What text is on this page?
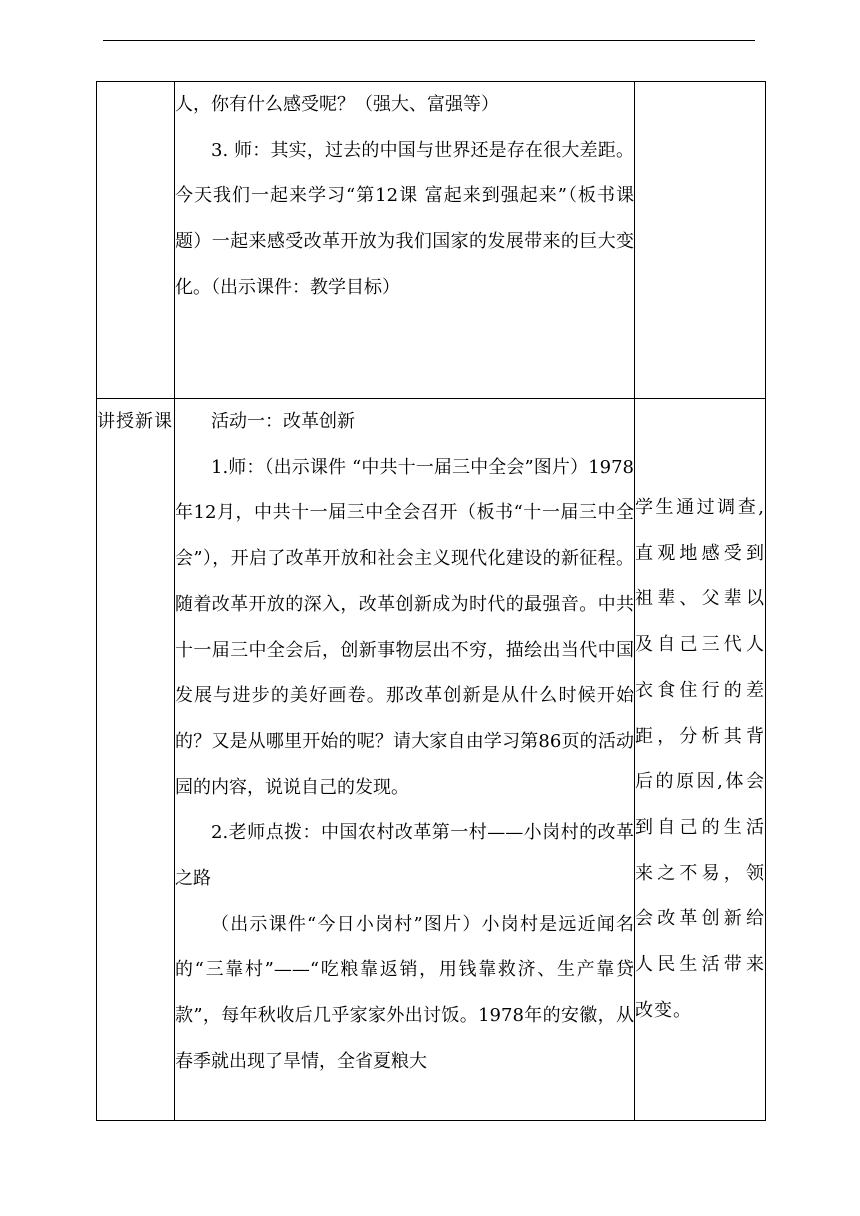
	人，你有什么感受呢？（强大、富强等）

3. 师：其实，过去的中国与世界还是存在很大差距。今天我们一起来学习“第12课 富起来到强起来”（板书课题）一起来感受改革开放为我们国家的发展带来的巨大变化。（出示课件：教学目标）	

讲授新课	活动一：改革创新

1.师：（出示课件 “中共十一届三中全会”图片）1978年12月，中共十一届三中全会召开（板书“十一届三中全会”），开启了改革开放和社会主义现代化建设的新征程。随着改革开放的深入，改革创新成为时代的最强音。中共十一届三中全会后，创新事物层出不穷，描绘出当代中国发展与进步的美好画卷。那改革创新是从什么时候开始的？又是从哪里开始的呢？请大家自由学习第86页的活动园的内容，说说自己的发现。

2.老师点拨：中国农村改革第一村——小岗村的改革之路

（出示课件“今日小岗村”图片）小岗村是远近闻名的“三靠村”——“吃粮靠返销，用钱靠救济、生产靠贷款”，每年秋收后几乎家家外出讨饭。1978年的安徽，从春季就出现了旱情，全省夏粮大	学生通过调查,直观地感受到祖辈、父辈以及自己三代人衣食住行的差距，分析其背后的原因,体会到自己的生活来之不易，领会改革创新给人民生活带来改变。
